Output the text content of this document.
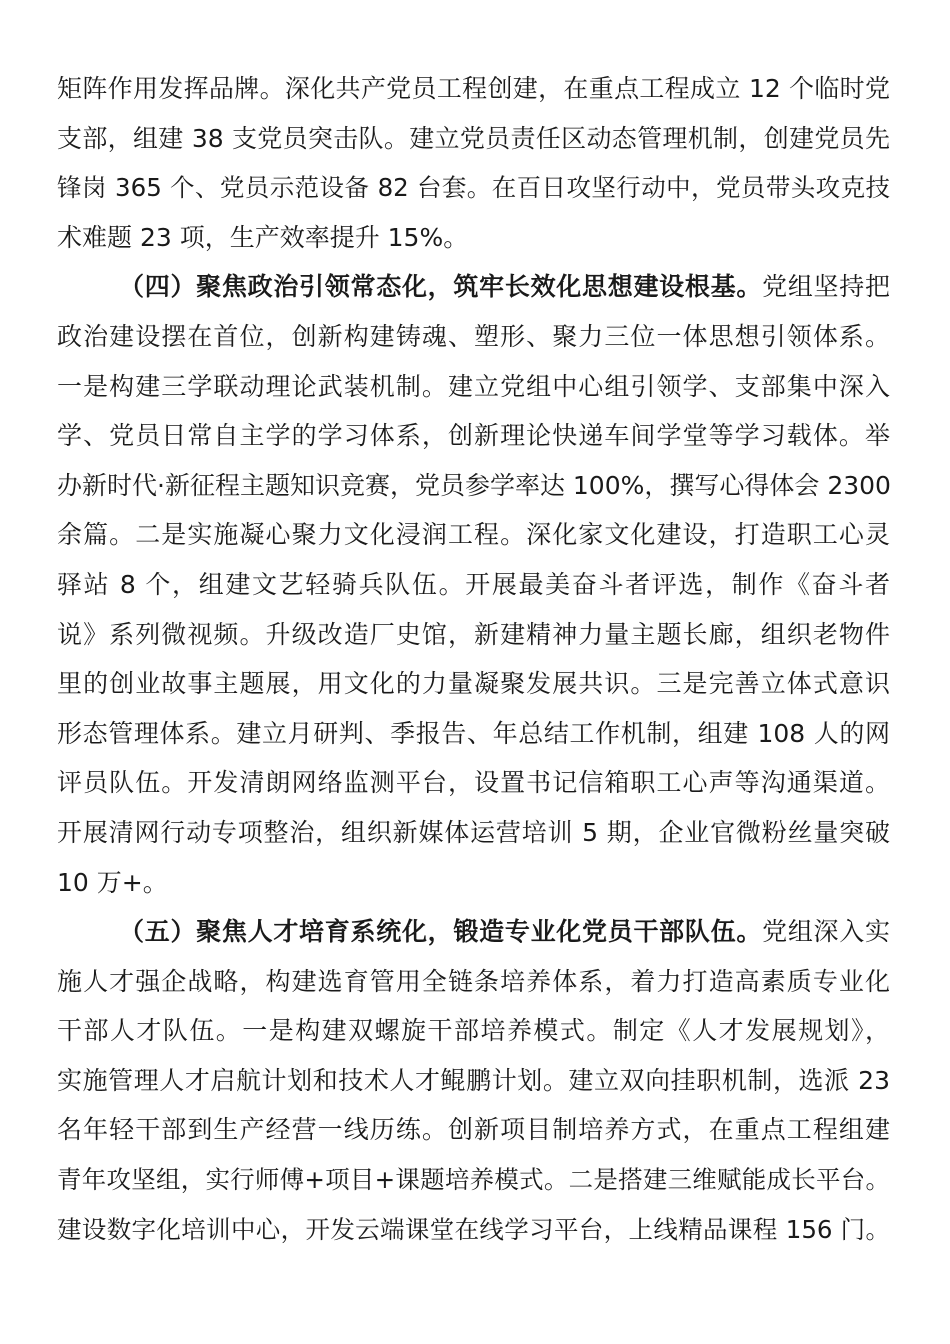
矩阵作用发挥品牌。深化共产党员工程创建，在重点工程成立 12 个临时党
支部，组建 38 支党员突击队。建立党员责任区动态管理机制，创建党员先
锋岗 365 个、党员示范设备 82 台套。在百日攻坚行动中，党员带头攻克技
术难题 23 项，生产效率提升 15%。
（四）聚焦政治引领常态化，筑牢长效化思想建设根基。党组坚持把
政治建设摆在首位，创新构建铸魂、塑形、聚力三位一体思想引领体系。
一是构建三学联动理论武装机制。建立党组中心组引领学、支部集中深入
学、党员日常自主学的学习体系，创新理论快递车间学堂等学习载体。举
办新时代·新征程主题知识竞赛，党员参学率达 100%，撰写心得体会 2300
余篇。二是实施凝心聚力文化浸润工程。深化家文化建设，打造职工心灵
驿站 8 个，组建文艺轻骑兵队伍。开展最美奋斗者评选，制作《奋斗者
说》系列微视频。升级改造厂史馆，新建精神力量主题长廊，组织老物件
里的创业故事主题展，用文化的力量凝聚发展共识。三是完善立体式意识
形态管理体系。建立月研判、季报告、年总结工作机制，组建 108 人的网
评员队伍。开发清朗网络监测平台，设置书记信箱职工心声等沟通渠道。
开展清网行动专项整治，组织新媒体运营培训 5 期，企业官微粉丝量突破
10 万+。
（五）聚焦人才培育系统化，锻造专业化党员干部队伍。党组深入实
施人才强企战略，构建选育管用全链条培养体系，着力打造高素质专业化
干部人才队伍。一是构建双螺旋干部培养模式。制定《人才发展规划》，
实施管理人才启航计划和技术人才鲲鹏计划。建立双向挂职机制，选派 23
名年轻干部到生产经营一线历练。创新项目制培养方式，在重点工程组建
青年攻坚组，实行师傅+项目+课题培养模式。二是搭建三维赋能成长平台。
建设数字化培训中心，开发云端课堂在线学习平台，上线精品课程 156 门。
